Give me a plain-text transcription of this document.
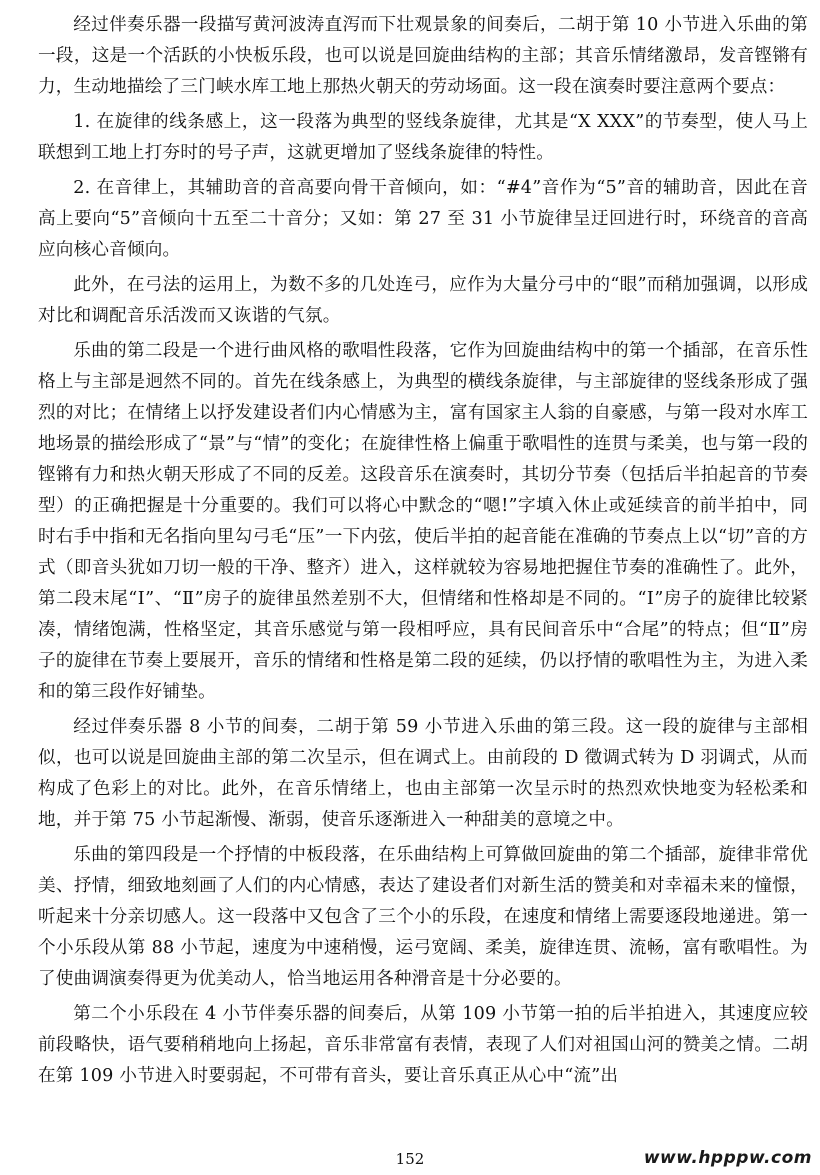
经过伴奏乐器一段描写黄河波涛直泻而下壮观景象的间奏后，二胡于第 10 小节进入乐曲的第一段，这是一个活跃的小快板乐段，也可以说是回旋曲结构的主部；其音乐情绪激昂，发音铿锵有力，生动地描绘了三门峡水库工地上那热火朝天的劳动场面。这一段在演奏时要注意两个要点：

1. 在旋律的线条感上，这一段落为典型的竖线条旋律，尤其是“X XXX”的节奏型，使人马上联想到工地上打夯时的号子声，这就更增加了竖线条旋律的特性。

2. 在音律上，其辅助音的音高要向骨干音倾向，如：“#4”音作为“5”音的辅助音，因此在音高上要向“5”音倾向十五至二十音分；又如：第 27 至 31 小节旋律呈迂回进行时，环绕音的音高应向核心音倾向。

此外，在弓法的运用上，为数不多的几处连弓，应作为大量分弓中的“眼”而稍加强调，以形成对比和调配音乐活泼而又诙谐的气氛。

乐曲的第二段是一个进行曲风格的歌唱性段落，它作为回旋曲结构中的第一个插部，在音乐性格上与主部是迥然不同的。首先在线条感上，为典型的横线条旋律，与主部旋律的竖线条形成了强烈的对比；在情绪上以抒发建设者们内心情感为主，富有国家主人翁的自豪感，与第一段对水库工地场景的描绘形成了“景”与“情”的变化；在旋律性格上偏重于歌唱性的连贯与柔美，也与第一段的铿锵有力和热火朝天形成了不同的反差。这段音乐在演奏时，其切分节奏（包括后半拍起音的节奏型）的正确把握是十分重要的。我们可以将心中默念的“嗯!”字填入休止或延续音的前半拍中，同时右手中指和无名指向里勾弓毛“压”一下内弦，使后半拍的起音能在准确的节奏点上以“切”音的方式（即音头犹如刀切一般的干净、整齐）进入，这样就较为容易地把握住节奏的准确性了。此外，第二段末尾“Ⅰ”、“Ⅱ”房子的旋律虽然差别不大，但情绪和性格却是不同的。“Ⅰ”房子的旋律比较紧凑，情绪饱满，性格坚定，其音乐感觉与第一段相呼应，具有民间音乐中“合尾”的特点；但“Ⅱ”房子的旋律在节奏上要展开，音乐的情绪和性格是第二段的延续，仍以抒情的歌唱性为主，为进入柔和的第三段作好铺垫。

经过伴奏乐器 8 小节的间奏，二胡于第 59 小节进入乐曲的第三段。这一段的旋律与主部相似，也可以说是回旋曲主部的第二次呈示，但在调式上。由前段的 D 徵调式转为 D 羽调式，从而构成了色彩上的对比。此外，在音乐情绪上，也由主部第一次呈示时的热烈欢快地变为轻松柔和地，并于第 75 小节起渐慢、渐弱，使音乐逐渐进入一种甜美的意境之中。

乐曲的第四段是一个抒情的中板段落，在乐曲结构上可算做回旋曲的第二个插部，旋律非常优美、抒情，细致地刻画了人们的内心情感，表达了建设者们对新生活的赞美和对幸福未来的憧憬，听起来十分亲切感人。这一段落中又包含了三个小的乐段，在速度和情绪上需要逐段地递进。第一个小乐段从第 88 小节起，速度为中速稍慢，运弓宽阔、柔美，旋律连贯、流畅，富有歌唱性。为了使曲调演奏得更为优美动人，恰当地运用各种滑音是十分必要的。

第二个小乐段在 4 小节伴奏乐器的间奏后，从第 109 小节第一拍的后半拍进入，其速度应较前段略快，语气要稍稍地向上扬起，音乐非常富有表情，表现了人们对祖国山河的赞美之情。二胡在第 109 小节进入时要弱起，不可带有音头，要让音乐真正从心中“流”出

152	www.hpppw.com
